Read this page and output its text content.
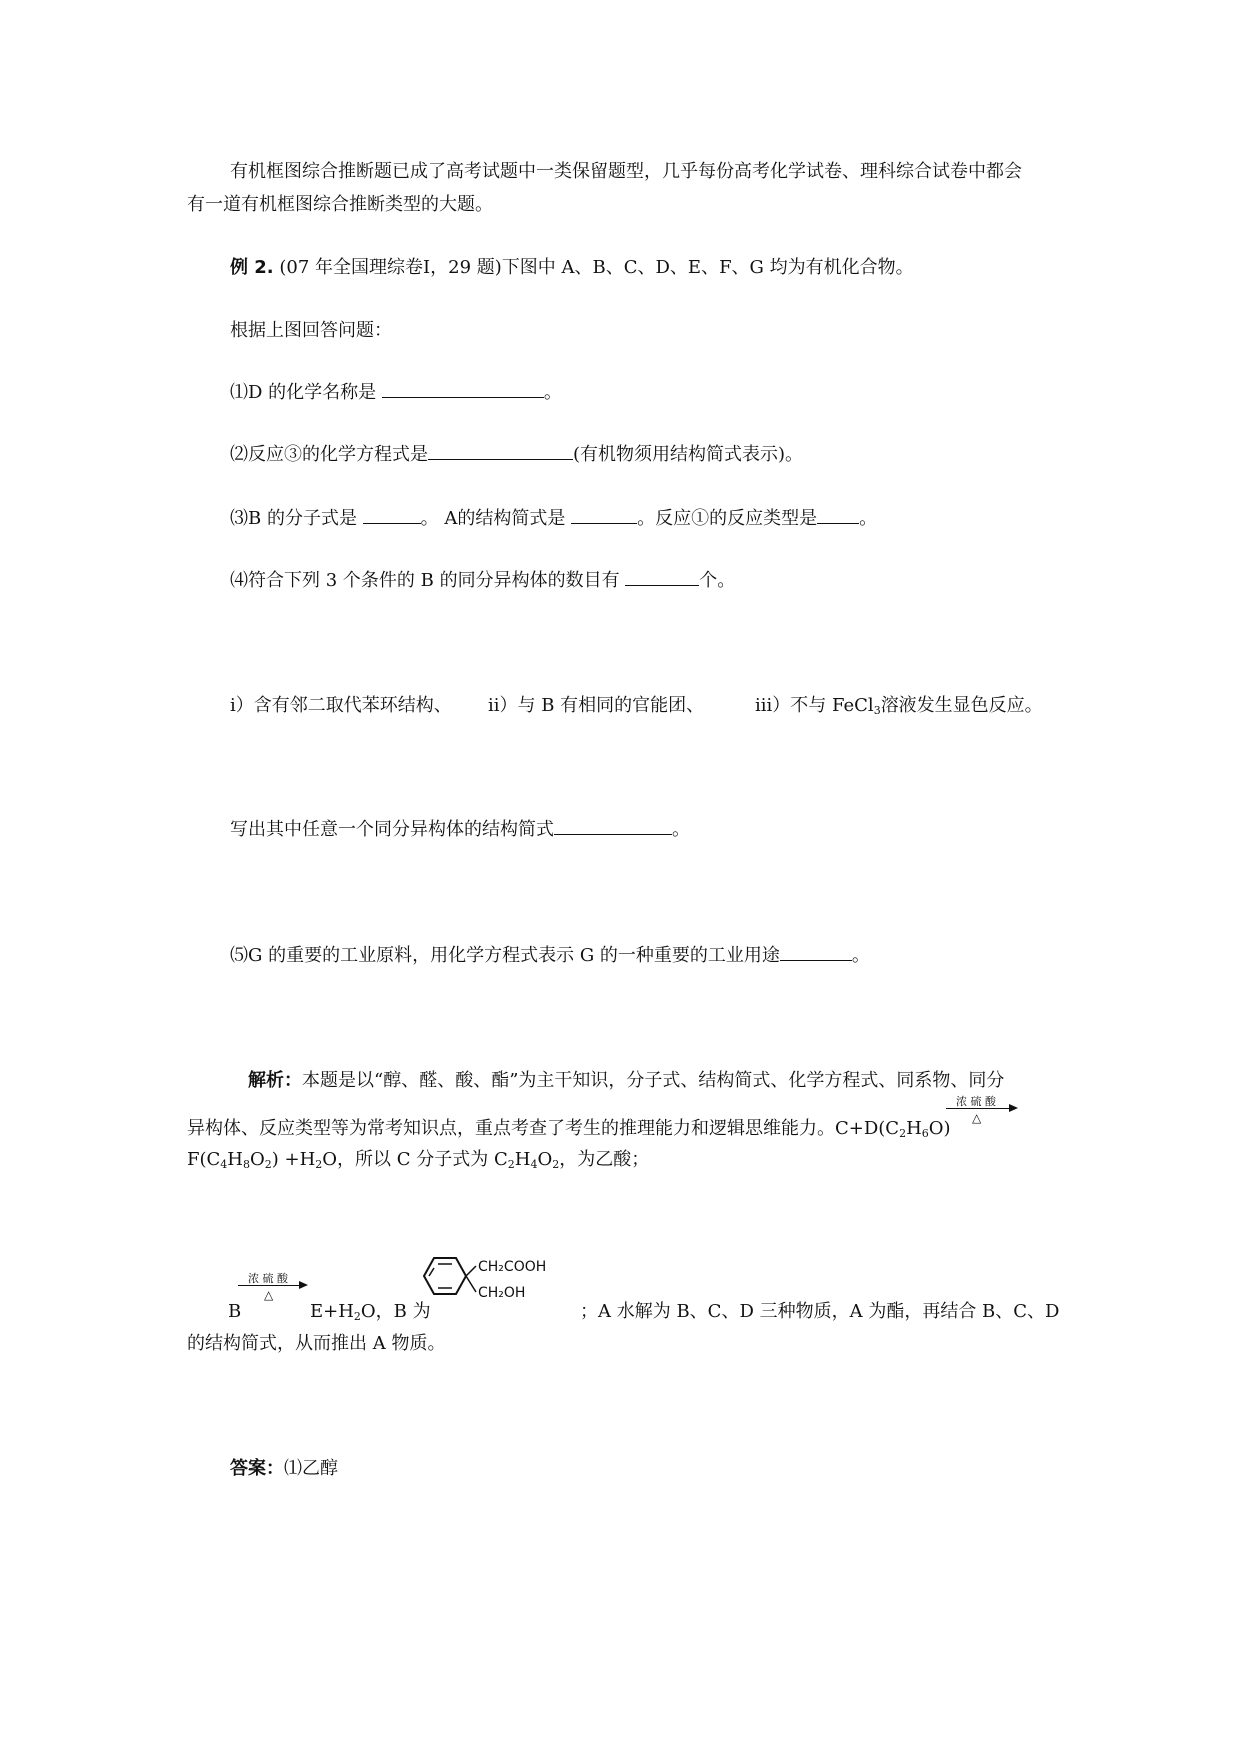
有机框图综合推断题已成了高考试题中一类保留题型，几乎每份高考化学试卷、理科综合试卷中都会
有一道有机框图综合推断类型的大题。
例 2. (07 年全国理综卷Ⅰ，29 题)下图中 A、B、C、D、E、F、G 均为有机化合物。
根据上图回答问题：
⑴D 的化学名称是	。
⑵反应③的化学方程式是	(有机物须用结构简式表示)。
⑶B 的分子式是	。 A的结构简式是	。反应①的反应类型是 。
⑷符合下列 3 个条件的 B 的同分异构体的数目有	个。
i）含有邻二取代苯环结构、 ii）与 B 有相同的官能团、	iii）不与 FeCl$_3$溶液发生显色反应。
写出其中任意一个同分异构体的结构简式	。
⑸G 的重要的工业原料，用化学方程式表示 G 的一种重要的工业用途	。
解析：本题是以“醇、醛、酸、酯”为主干知识，分子式、结构简式、化学方程式、同系物、同分
异构体、反应类型等为常考知识点，重点考查了考生的推理能力和逻辑思维能力。$C+D(C_2H_6O)$
浓 硫 酸
△
$F(C_4H_8O_2) +H_2O$，所以 C 分子式为 $C_2H_4O_2$，为乙酸；
浓 硫 酸
△
B	$E+H_2O$，B 为
CH₂COOH
CH₂OH
；A 水解为 B、C、D 三种物质，A 为酯，再结合 B、C、D
的结构简式，从而推出 A 物质。
答案：⑴乙醇
